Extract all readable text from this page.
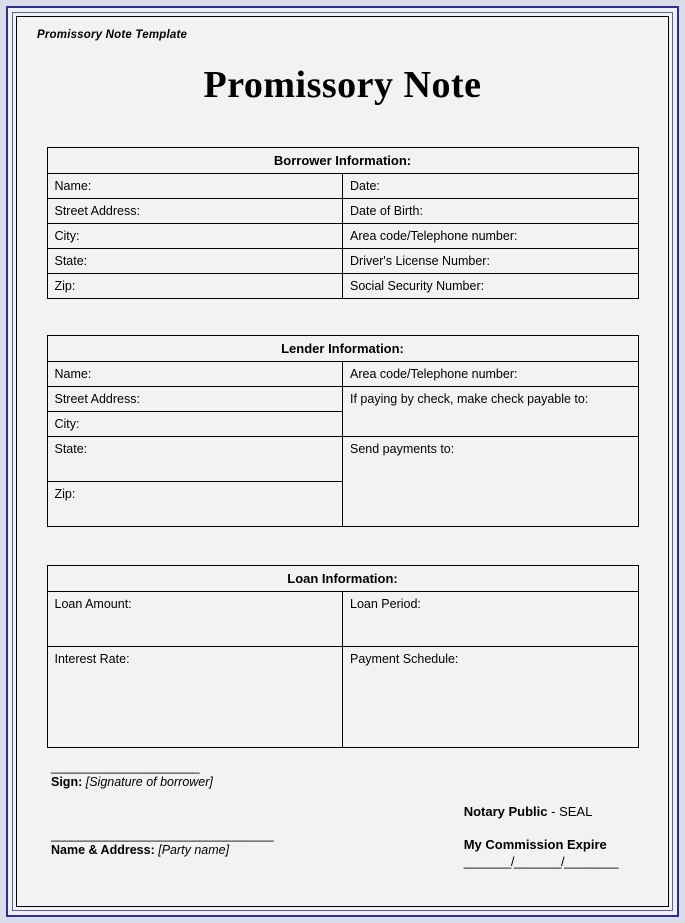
Promissory Note Template
Promissory Note
Borrower Information:	
Name:	Date:
Street Address:	Date of Birth:
City:	Area code/Telephone number:
State:	Driver's License Number:
Zip:	Social Security Number:
Lender Information:	
Name:	Area code/Telephone number:
Street Address:	If paying by check, make check payable to:
City:	
State:	Send payments to:
Zip:	
Loan Information:	
Loan Amount:	Loan Period:
Interest Rate:	Payment Schedule:
______________________
Sign: [Signature of borrower]
_________________________________
Name & Address: [Party name]
Notary Public - SEAL
My Commission Expire
_______/_______/________
